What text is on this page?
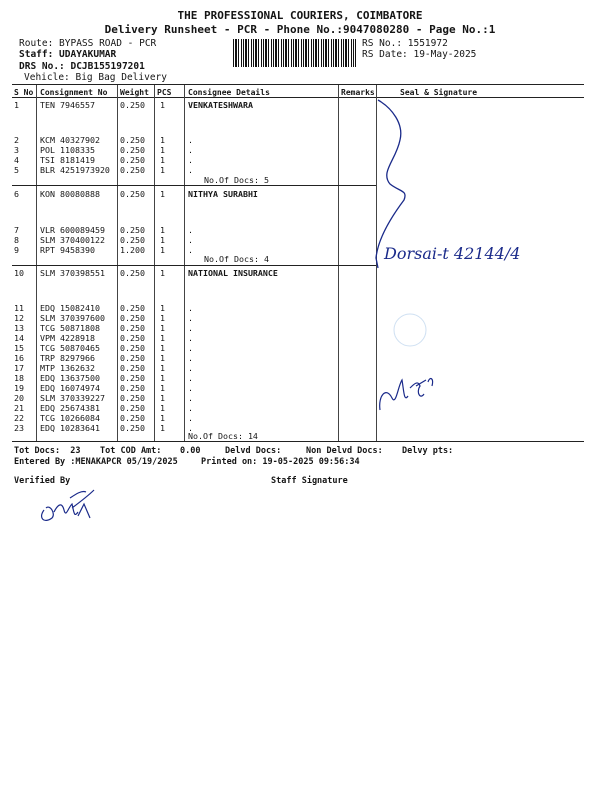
THE PROFESSIONAL COURIERS, COIMBATORE
Delivery Runsheet - PCR - Phone No.:9047080280 - Page No.:1
Route: BYPASS ROAD - PCR
Staff: UDAYAKUMAR
DRS No.: DCJB155197201
Vehicle: Big Bag Delivery
RS No.: 1551972
RS Date: 19-May-2025
S No Consignment No Weight PCS Consignee Details	Remarks	Seal & Signature
1	TEN 7946557	0.250 1	VENKATESHWARA
2	KCM 40327902 0.250 1	.
3	POL 1108335	0.250 1	.
4	TSI 8181419	0.250 1	.
5	BLR 4251973920 0.250 1	.
6	KON 80080888 0.250 1	NITHYA SURABHI
7	VLR 600089459 0.250 1	.
8	SLM 370400122 0.250 1	.
9	RPT 9458390	1.200 1	.
10 SLM 370398551 0.250 1	NATIONAL INSURANCE
11 EDQ 15082410 0.250 1	.
12 SLM 370397600 0.250 1	.
13 TCG 50871808 0.250 1	.
14 VPM 4228918	0.250 1	.
15 TCG 50870465 0.250 1	.
16 TRP 8297966	0.250 1	.
17 MTP 1362632	0.250 1	.
18 EDQ 13637500 0.250 1	.
19 EDQ 16074974 0.250 1	.
20 SLM 370339227 0.250 1	.
21 EDQ 25674381 0.250 1	.
22 TCG 10266084 0.250 1	.
23 EDQ 10283641 0.250 1	.
No.Of Docs: 5
No.Of Docs: 4
No.Of Docs: 14
Tot Docs:  23 Tot COD Amt: 0.00	Delvd Docs:	Non Delvd Docs: Delvy pts:
Entered By :MENAKAPCR 05/19/2025	Printed on: 19-05-2025 09:56:34
Verified By	Staff Signature
Dorsai-t 42144/4
